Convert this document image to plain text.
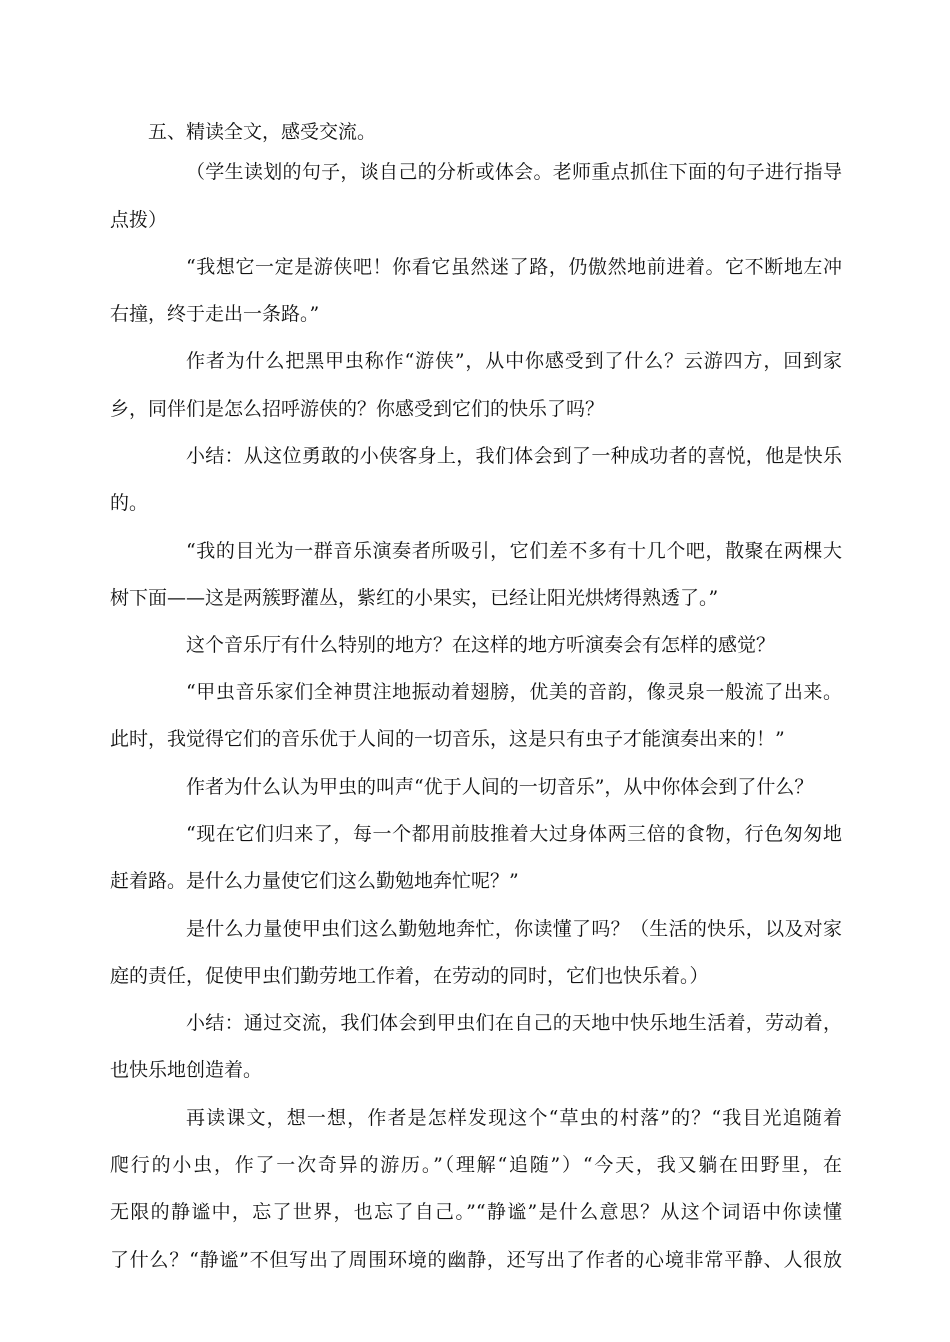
五、精读全文，感受交流。
（学生读划的句子，谈自己的分析或体会。老师重点抓住下面的句子进行指导
点拨）
“我想它一定是游侠吧！你看它虽然迷了路，仍傲然地前进着。它不断地左冲
右撞，终于走出一条路。”
作者为什么把黑甲虫称作“游侠”，从中你感受到了什么？云游四方，回到家
乡，同伴们是怎么招呼游侠的？你感受到它们的快乐了吗？
小结：从这位勇敢的小侠客身上，我们体会到了一种成功者的喜悦，他是快乐
的。
“我的目光为一群音乐演奏者所吸引，它们差不多有十几个吧，散聚在两棵大
树下面——这是两簇野灌丛，紫红的小果实，已经让阳光烘烤得熟透了。”
这个音乐厅有什么特别的地方？在这样的地方听演奏会有怎样的感觉？
“甲虫音乐家们全神贯注地振动着翅膀，优美的音韵，像灵泉一般流了出来。
此时，我觉得它们的音乐优于人间的一切音乐，这是只有虫子才能演奏出来的！”
作者为什么认为甲虫的叫声“优于人间的一切音乐”，从中你体会到了什么？
“现在它们归来了，每一个都用前肢推着大过身体两三倍的食物，行色匆匆地
赶着路。是什么力量使它们这么勤勉地奔忙呢？”
是什么力量使甲虫们这么勤勉地奔忙，你读懂了吗？（生活的快乐，以及对家
庭的责任，促使甲虫们勤劳地工作着，在劳动的同时，它们也快乐着。）
小结：通过交流，我们体会到甲虫们在自己的天地中快乐地生活着，劳动着，
也快乐地创造着。
再读课文，想一想，作者是怎样发现这个“草虫的村落”的？“我目光追随着
爬行的小虫，作了一次奇异的游历。”（理解“追随”）“今天，我又躺在田野里，在
无限的静谧中，忘了世界，也忘了自己。”“静谧”是什么意思？从这个词语中你读懂
了什么？“静谧”不但写出了周围环境的幽静，还写出了作者的心境非常平静、人很放
